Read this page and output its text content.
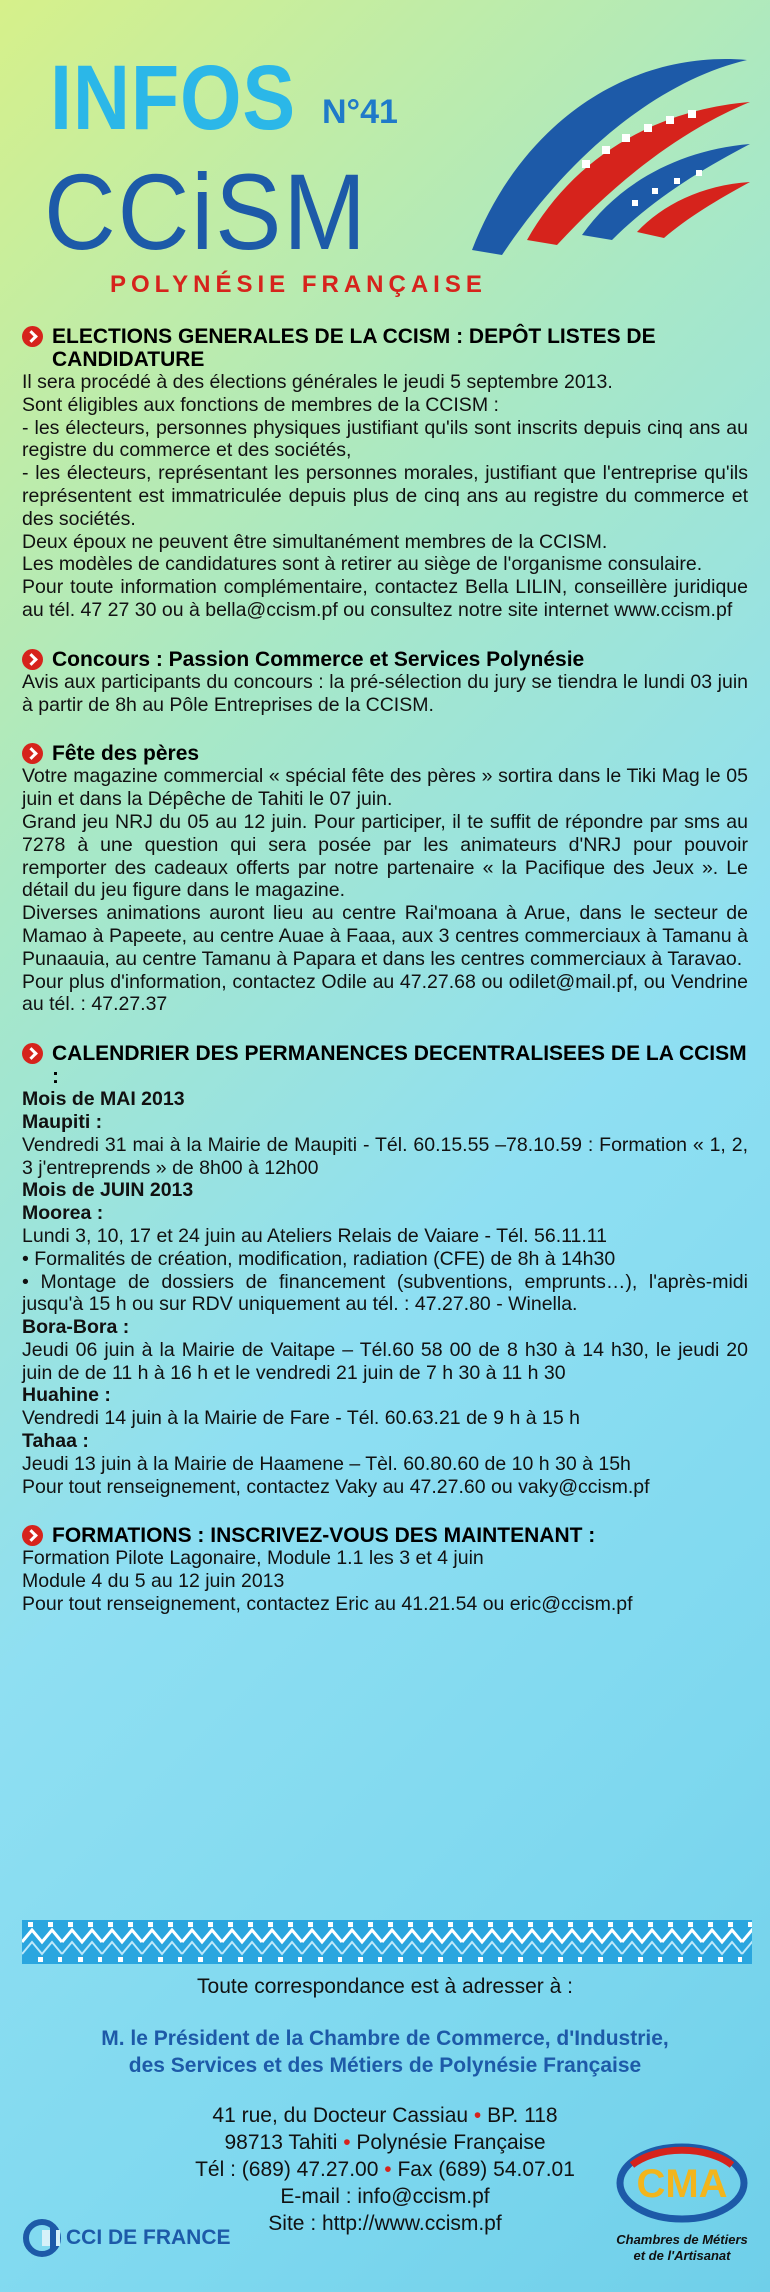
INFOS N°41
CCiSM
POLYNÉSIE FRANÇAISE
ELECTIONS GENERALES DE LA CCISM : DEPÔT LISTES DE CANDIDATURE
Il sera procédé à des élections générales le jeudi 5 septembre 2013.
Sont éligibles aux fonctions de membres de la CCISM :
- les électeurs, personnes physiques justifiant qu'ils sont inscrits depuis cinq ans au registre du commerce et des sociétés,
- les électeurs, représentant les personnes morales, justifiant que l'entreprise qu'ils représentent est immatriculée depuis plus de cinq ans au registre du commerce et des sociétés.
Deux époux ne peuvent être simultanément membres de la CCISM.
Les modèles de candidatures sont à retirer au siège de l'organisme consulaire.
Pour toute information complémentaire, contactez Bella LILIN, conseillère juridique au tél. 47 27 30 ou à bella@ccism.pf ou consultez notre site internet www.ccism.pf
Concours : Passion Commerce et Services Polynésie
Avis aux participants du concours : la pré-sélection du jury se tiendra le lundi 03 juin à partir de 8h au Pôle Entreprises de la CCISM.
Fête des pères
Votre magazine commercial « spécial fête des pères » sortira dans le Tiki Mag le 05 juin et dans la Dépêche de Tahiti le 07 juin.
Grand jeu NRJ du 05 au 12 juin. Pour participer, il te suffit de répondre par sms au 7278 à une question qui sera posée par les animateurs d'NRJ pour pouvoir remporter des cadeaux offerts par notre partenaire « la Pacifique des Jeux ». Le détail du jeu figure dans le magazine.
Diverses animations auront lieu au centre Rai'moana à Arue, dans le secteur de Mamao à Papeete, au centre Auae à Faaa, aux 3 centres commerciaux à Tamanu à Punaauia, au centre Tamanu à Papara et dans les centres commerciaux à Taravao.
Pour plus d'information, contactez Odile au 47.27.68 ou odilet@mail.pf, ou Vendrine au tél. : 47.27.37
CALENDRIER DES PERMANENCES DECENTRALISEES DE LA CCISM :
Mois de MAI 2013
Maupiti :
Vendredi 31 mai à la Mairie de Maupiti - Tél. 60.15.55 –78.10.59 : Formation « 1, 2, 3 j'entreprends » de 8h00 à 12h00
Mois de JUIN 2013
Moorea :
Lundi 3, 10, 17 et 24 juin au Ateliers Relais de Vaiare - Tél. 56.11.11
• Formalités de création, modification, radiation (CFE) de 8h à 14h30
• Montage de dossiers de financement (subventions, emprunts…), l'après-midi jusqu'à 15 h ou sur RDV uniquement au tél. : 47.27.80 - Winella.
Bora-Bora :
Jeudi 06 juin à la Mairie de Vaitape – Tél.60 58 00 de 8 h30 à 14 h30, le jeudi 20 juin de de 11 h à 16 h et le vendredi 21 juin de 7 h 30 à 11 h 30
Huahine :
Vendredi 14 juin à la Mairie de Fare - Tél. 60.63.21 de 9 h à 15 h
Tahaa :
Jeudi 13 juin à la Mairie de Haamene – Tèl. 60.80.60 de 10 h 30 à 15h
Pour tout renseignement, contactez Vaky au 47.27.60 ou vaky@ccism.pf
FORMATIONS : INSCRIVEZ-VOUS DES MAINTENANT :
Formation Pilote Lagonaire, Module 1.1 les 3 et 4 juin
Module 4 du 5 au 12 juin 2013
Pour tout renseignement, contactez Eric au 41.21.54 ou eric@ccism.pf
Toute correspondance est à adresser à :
M. le Président de la Chambre de Commerce, d'Industrie,
des Services et des Métiers de Polynésie Française
41 rue, du Docteur Cassiau • BP. 118
98713 Tahiti • Polynésie Française
Tél : (689) 47.27.00 • Fax (689) 54.07.01
E-mail : info@ccism.pf
Site : http://www.ccism.pf
CCI DE FRANCE
CMA
Chambres de Métiers
et de l'Artisanat
